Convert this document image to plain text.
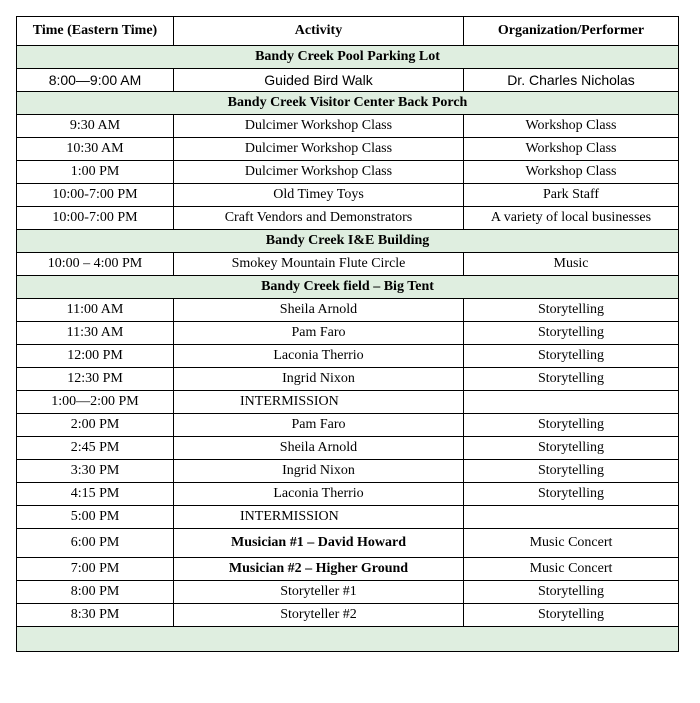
Time (Eastern Time)	Activity	Organization/Performer
Bandy Creek Pool Parking Lot		
8:00—9:00 AM	Guided Bird Walk	Dr. Charles Nicholas
Bandy Creek Visitor Center Back Porch		
9:30 AM	Dulcimer Workshop Class	Workshop Class
10:30 AM	Dulcimer Workshop Class	Workshop Class
1:00 PM	Dulcimer Workshop Class	Workshop Class
10:00-7:00 PM	Old Timey Toys	Park Staff
10:00-7:00 PM	Craft Vendors and Demonstrators	A variety of local businesses
Bandy Creek I&E Building		
10:00 – 4:00 PM	Smokey Mountain Flute Circle	Music
Bandy Creek field – Big Tent		
11:00 AM	Sheila Arnold	Storytelling
11:30 AM	Pam Faro	Storytelling
12:00 PM	Laconia Therrio	Storytelling
12:30 PM	Ingrid Nixon	Storytelling
1:00—2:00 PM	INTERMISSION	
2:00 PM	Pam Faro	Storytelling
2:45 PM	Sheila Arnold	Storytelling
3:30 PM	Ingrid Nixon	Storytelling
4:15 PM	Laconia Therrio	Storytelling
5:00 PM	INTERMISSION	
6:00 PM	Musician #1 – David Howard	Music Concert
7:00 PM	Musician #2 – Higher Ground	Music Concert
8:00 PM	Storyteller #1	Storytelling
8:30 PM	Storyteller #2	Storytelling
